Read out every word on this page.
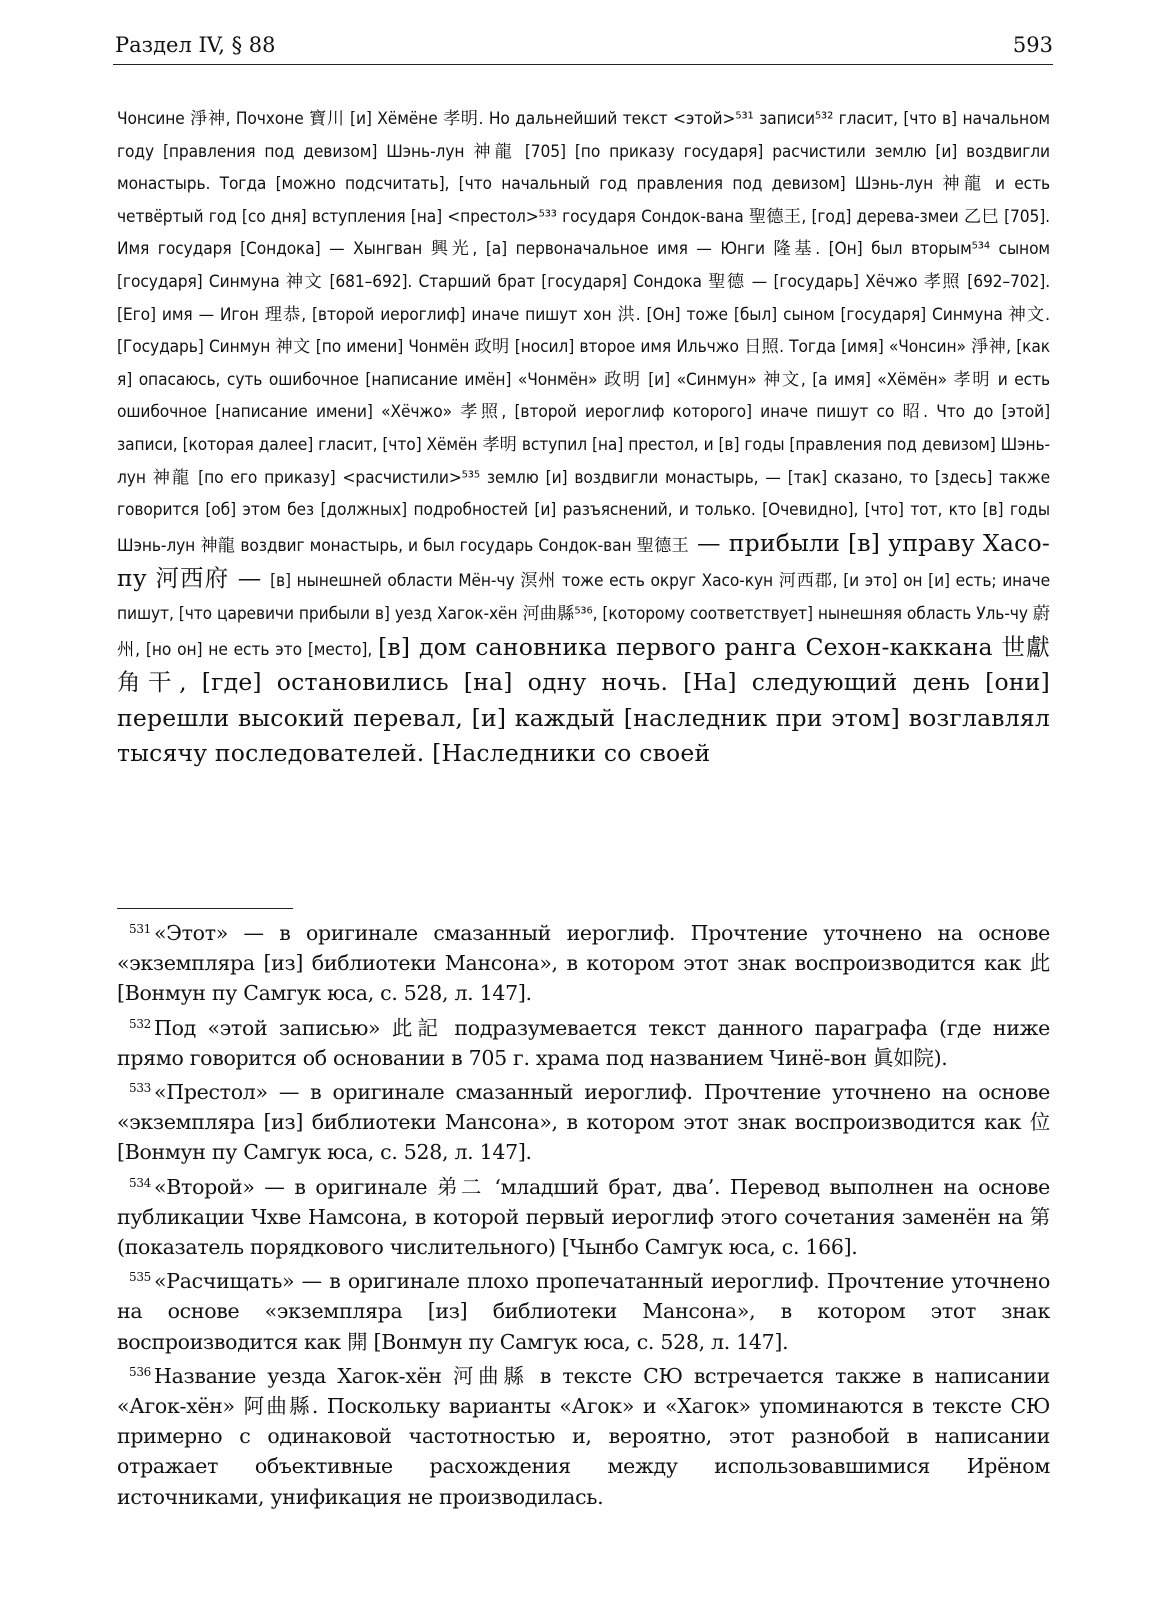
Раздел IV, § 88	593

Чонсине 淨神, Почхоне 寶川 [и] Хёмёне 孝明. Но дальнейший текст <этой>⁵³¹ записи⁵³² гласит, [что в] начальном году [правления под девизом] Шэнь-лун 神龍 [705] [по приказу государя] расчистили землю [и] воздвигли монастырь. Тогда [можно подсчитать], [что начальный год правления под девизом] Шэнь-лун 神龍 и есть четвёртый год [со дня] вступления [на] <престол>⁵³³ государя Сондок-вана 聖德王, [год] дерева-змеи 乙巳 [705]. Имя государя [Сондока] — Хынгван 興光, [а] первоначальное имя — Юнги 隆基. [Он] был вторым⁵³⁴ сыном [государя] Синмуна 神文 [681–692]. Старший брат [государя] Сондока 聖德 — [государь] Хёчжо 孝照 [692–702]. [Его] имя — Игон 理恭, [второй иероглиф] иначе пишут хон 洪. [Он] тоже [был] сыном [государя] Синмуна 神文. [Государь] Синмун 神文 [по имени] Чонмён 政明 [носил] второе имя Ильчжо 日照. Тогда [имя] «Чонсин» 淨神, [как я] опасаюсь, суть ошибочное [написание имён] «Чонмён» 政明 [и] «Синмун» 神文, [а имя] «Хёмён» 孝明 и есть ошибочное [написание имени] «Хёчжо» 孝照, [второй иероглиф которого] иначе пишут со 昭. Что до [этой] записи, [которая далее] гласит, [что] Хёмён 孝明 вступил [на] престол, и [в] годы [правления под девизом] Шэнь-лун 神龍 [по его приказу] <расчистили>⁵³⁵ землю [и] воздвигли монастырь, — [так] сказано, то [здесь] также говорится [об] этом без [должных] подробностей [и] разъяснений, и только. [Очевидно], [что] тот, кто [в] годы Шэнь-лун 神龍 воздвиг монастырь, и был государь Сондок-ван 聖德王 — прибыли [в] управу Хасо-пу 河西府 — [в] нынешней области Мён-чу 溟州 тоже есть округ Хасо-кун 河西郡, [и это] он [и] есть; иначе пишут, [что царевичи прибыли в] уезд Хагок-хён 河曲縣⁵³⁶, [которому соответствует] нынешняя область Уль-чу 蔚州, [но он] не есть это [место], [в] дом сановника первого ранга Сехон-каккана 世獻角干, [где] остановились [на] одну ночь. [На] следующий день [они] перешли высокий перевал, [и] каждый [наследник при этом] возглавлял тысячу последователей. [Наследники со своей

$^{531}$ «Этот» — в оригинале смазанный иероглиф. Прочтение уточнено на основе «экземпляра [из] библиотеки Мансона», в котором этот знак воспроизводится как 此 [Вонмун пу Самгук юса, с. 528, л. 147].

$^{532}$ Под «этой записью» 此記 подразумевается текст данного параграфа (где ниже прямо говорится об основании в 705 г. храма под названием Чинё-вон 眞如院).

$^{533}$ «Престол» — в оригинале смазанный иероглиф. Прочтение уточнено на основе «экземпляра [из] библиотеки Мансона», в котором этот знак воспроизводится как 位 [Вонмун пу Самгук юса, с. 528, л. 147].

$^{534}$ «Второй» — в оригинале 弟二 ‘младший брат, два’. Перевод выполнен на основе публикации Чхве Намсона, в которой первый иероглиф этого сочетания заменён на 第 (показатель порядкового числительного) [Чынбо Самгук юса, с. 166].

$^{535}$ «Расчищать» — в оригинале плохо пропечатанный иероглиф. Прочтение уточнено на основе «экземпляра [из] библиотеки Мансона», в котором этот знак воспроизводится как 開 [Вонмун пу Самгук юса, с. 528, л. 147].

$^{536}$ Название уезда Хагок-хён 河曲縣 в тексте СЮ встречается также в написании «Агок-хён» 阿曲縣. Поскольку варианты «Агок» и «Хагок» упоминаются в тексте СЮ примерно с одинаковой частотностью и, вероятно, этот разнобой в написании отражает объективные расхождения между использовавшимися Ирёном источниками, унификация не производилась.
